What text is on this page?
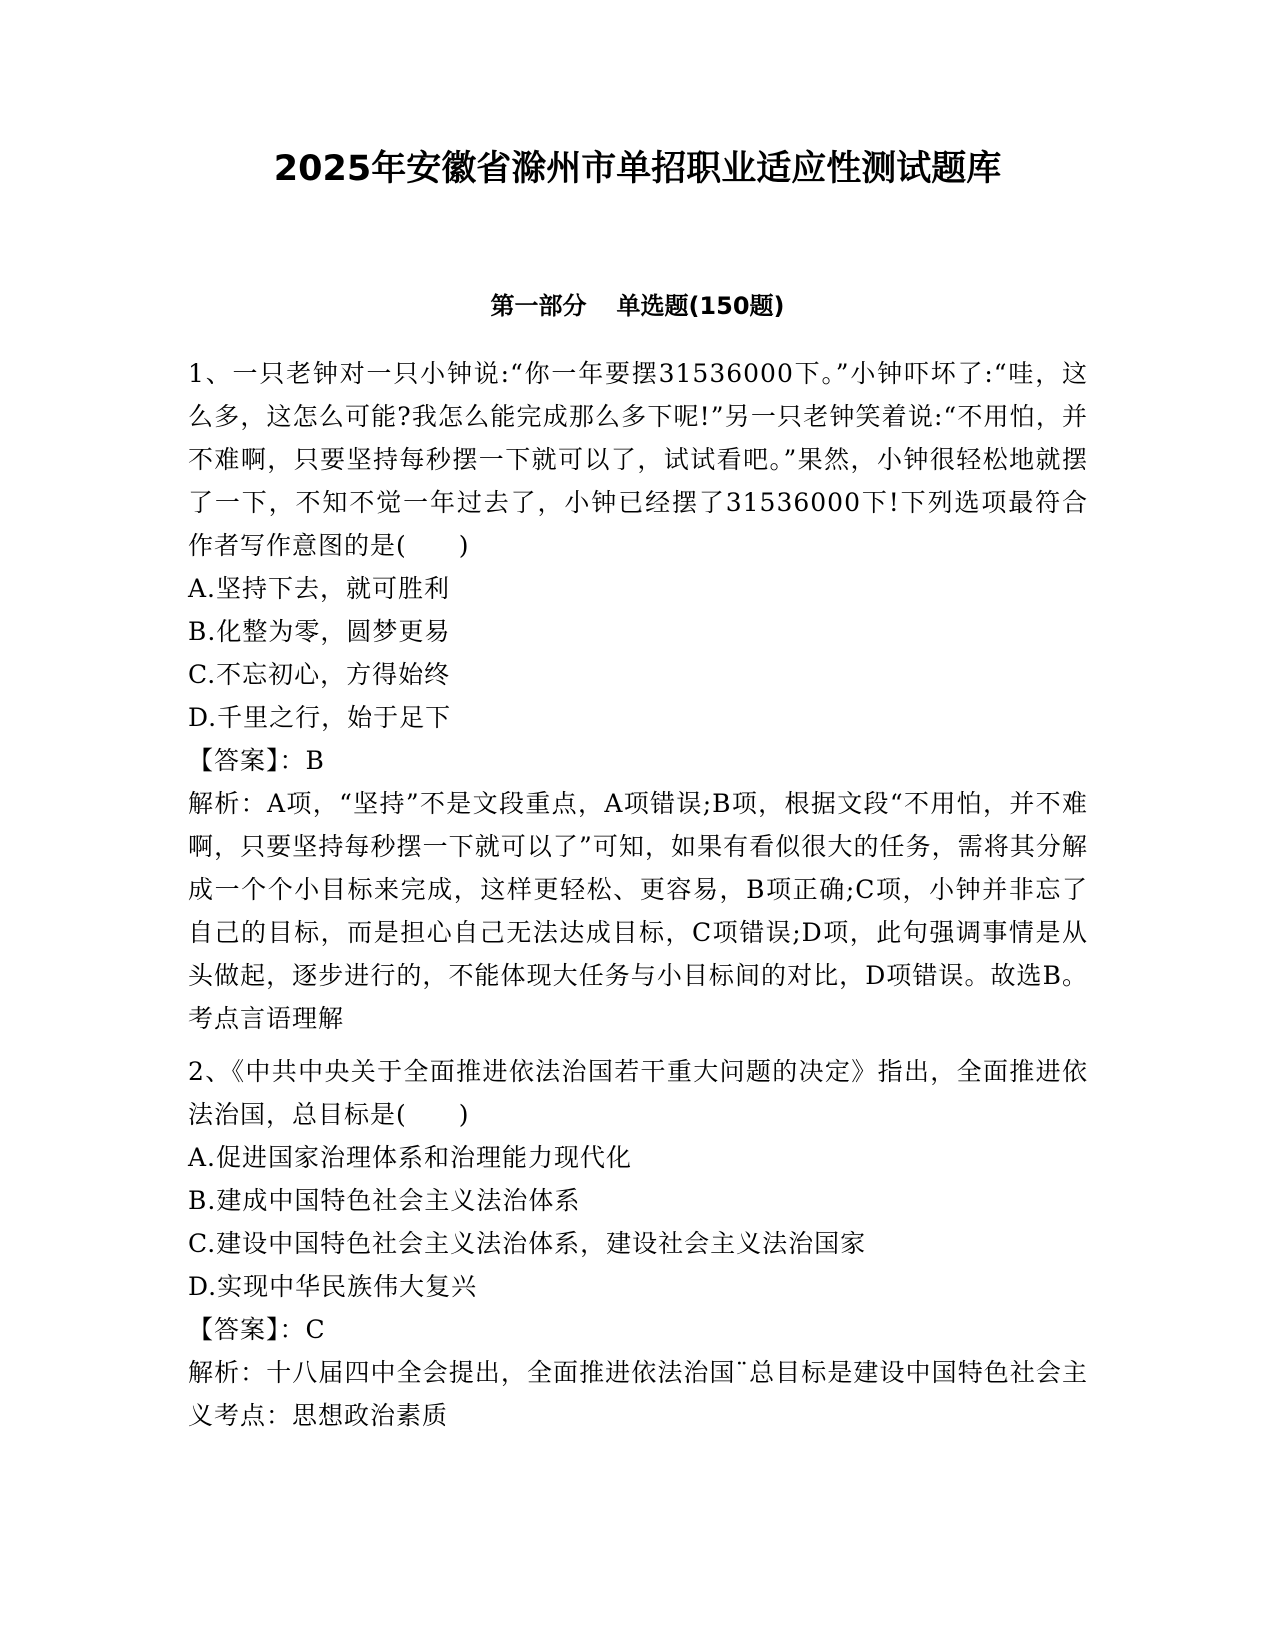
2025年安徽省滁州市单招职业适应性测试题库
第一部分 单选题(150题)

1、一只老钟对一只小钟说:“你一年要摆31536000下。”小钟吓坏了:“哇，这么多，这怎么可能?我怎么能完成那么多下呢!”另一只老钟笑着说:“不用怕，并不难啊，只要坚持每秒摆一下就可以了，试试看吧。”果然，小钟很轻松地就摆了一下，不知不觉一年过去了，小钟已经摆了31536000下!下列选项最符合作者写作意图的是(　　)

A.坚持下去，就可胜利

B.化整为零，圆梦更易

C.不忘初心，方得始终

D.千里之行，始于足下

【答案】：B

解析：A项，“坚持”不是文段重点，A项错误;B项，根据文段“不用怕，并不难啊，只要坚持每秒摆一下就可以了”可知，如果有看似很大的任务，需将其分解成一个个小目标来完成，这样更轻松、更容易，B项正确;C项，小钟并非忘了自己的目标，而是担心自己无法达成目标，C项错误;D项，此句强调事情是从头做起，逐步进行的，不能体现大任务与小目标间的对比，D项错误。故选B。考点言语理解

2、《中共中央关于全面推进依法治国若干重大问题的决定》指出，全面推进依法治国，总目标是(　　)

A.促进国家治理体系和治理能力现代化

B.建成中国特色社会主义法治体系

C.建设中国特色社会主义法治体系，建设社会主义法治国家

D.实现中华民族伟大复兴

【答案】：C

解析：十八届四中全会提出，全面推进依法治国¨总目标是建设中国特色社会主义考点：思想政治素质
